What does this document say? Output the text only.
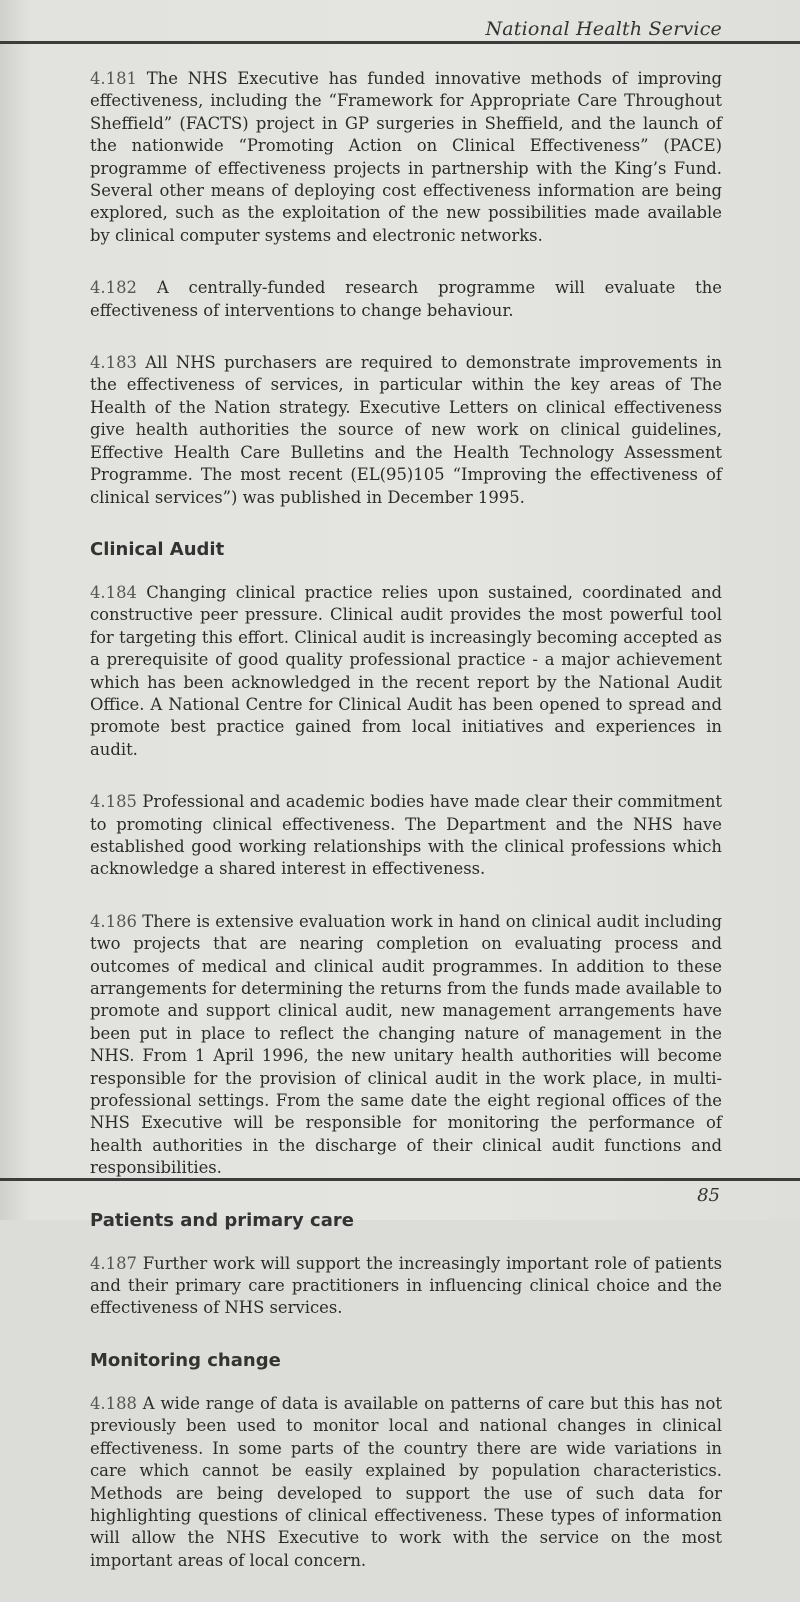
National Health Service

4.181 The NHS Executive has funded innovative methods of improving effectiveness, including the “Framework for Appropriate Care Throughout Sheffield” (FACTS) project in GP surgeries in Sheffield, and the launch of the nationwide “Promoting Action on Clinical Effectiveness” (PACE) programme of effectiveness projects in partnership with the King’s Fund. Several other means of deploying cost effectiveness information are being explored, such as the exploitation of the new possibilities made available by clinical computer systems and electronic networks.

4.182 A centrally-funded research programme will evaluate the effectiveness of interventions to change behaviour.

4.183 All NHS purchasers are required to demonstrate improvements in the effectiveness of services, in particular within the key areas of The Health of the Nation strategy. Executive Letters on clinical effectiveness give health authorities the source of new work on clinical guidelines, Effective Health Care Bulletins and the Health Technology Assessment Programme. The most recent (EL(95)105 “Improving the effectiveness of clinical services”) was published in December 1995.

Clinical Audit

4.184 Changing clinical practice relies upon sustained, coordinated and constructive peer pressure. Clinical audit provides the most powerful tool for targeting this effort. Clinical audit is increasingly becoming accepted as a prerequisite of good quality professional practice - a major achievement which has been acknowledged in the recent report by the National Audit Office. A National Centre for Clinical Audit has been opened to spread and promote best practice gained from local initiatives and experiences in audit.

4.185 Professional and academic bodies have made clear their commitment to promoting clinical effectiveness. The Department and the NHS have established good working relationships with the clinical professions which acknowledge a shared interest in effectiveness.

4.186 There is extensive evaluation work in hand on clinical audit including two projects that are nearing completion on evaluating process and outcomes of medical and clinical audit programmes. In addition to these arrangements for determining the returns from the funds made available to promote and support clinical audit, new management arrangements have been put in place to reflect the changing nature of management in the NHS. From 1 April 1996, the new unitary health authorities will become responsible for the provision of clinical audit in the work place, in multi-professional settings. From the same date the eight regional offices of the NHS Executive will be responsible for monitoring the performance of health authorities in the discharge of their clinical audit functions and responsibilities.

Patients and primary care

4.187 Further work will support the increasingly important role of patients and their primary care practitioners in influencing clinical choice and the effectiveness of NHS services.

Monitoring change

4.188 A wide range of data is available on patterns of care but this has not previously been used to monitor local and national changes in clinical effectiveness. In some parts of the country there are wide variations in care which cannot be easily explained by population characteristics. Methods are being developed to support the use of such data for highlighting questions of clinical effectiveness. These types of information will allow the NHS Executive to work with the service on the most important areas of local concern.

85
